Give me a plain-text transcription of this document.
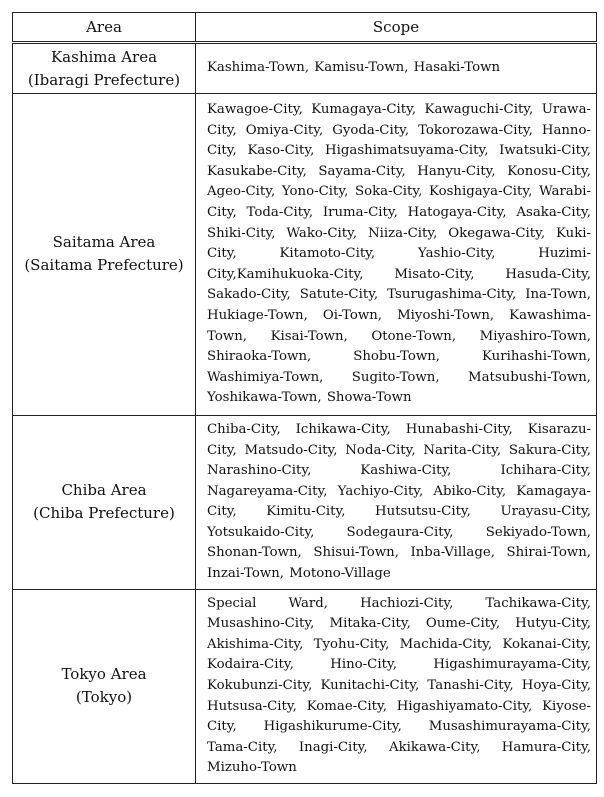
Area	Scope

Kashima Area
(Ibaragi Prefecture)	Kashima-Town, Kamisu-Town, Hasaki-Town

Saitama Area
(Saitama Prefecture)	Kawagoe-City, Kumagaya-City, Kawaguchi-City, Urawa-City, Omiya-City, Gyoda-City, Tokorozawa-City, Hanno-City, Kaso-City, Higashimatsuyama-City, Iwatsuki-City, Kasukabe-City, Sayama-City, Hanyu-City, Konosu-City, Ageo-City, Yono-City, Soka-City, Koshigaya-City, Warabi-City, Toda-City, Iruma-City, Hatogaya-City, Asaka-City, Shiki-City, Wako-City, Niiza-City, Okegawa-City, Kuki-City, Kitamoto-City, Yashio-City, Huzimi-City,Kamihukuoka-City, Misato-City, Hasuda-City, Sakado-City, Satute-City, Tsurugashima-City, Ina-Town, Hukiage-Town, Oi-Town, Miyoshi-Town, Kawashima-Town, Kisai-Town, Otone-Town, Miyashiro-Town, Shiraoka-Town, Shobu-Town, Kurihashi-Town, Washimiya-Town, Sugito-Town, Matsubushi-Town, Yoshikawa-Town, Showa-Town

Chiba Area
(Chiba Prefecture)	Chiba-City, Ichikawa-City, Hunabashi-City, Kisarazu-City, Matsudo-City, Noda-City, Narita-City, Sakura-City, Narashino-City, Kashiwa-City, Ichihara-City, Nagareyama-City, Yachiyo-City, Abiko-City, Kamagaya-City, Kimitu-City, Hutsutsu-City, Urayasu-City, Yotsukaido-City, Sodegaura-City, Sekiyado-Town, Shonan-Town, Shisui-Town, Inba-Village, Shirai-Town, Inzai-Town, Motono-Village

Tokyo Area
(Tokyo)	Special Ward, Hachiozi-City, Tachikawa-City, Musashino-City, Mitaka-City, Oume-City, Hutyu-City, Akishima-City, Tyohu-City, Machida-City, Kokanai-City, Kodaira-City, Hino-City, Higashimurayama-City, Kokubunzi-City, Kunitachi-City, Tanashi-City, Hoya-City, Hutsusa-City, Komae-City, Higashiyamato-City, Kiyose-City, Higashikurume-City, Musashimurayama-City, Tama-City, Inagi-City, Akikawa-City, Hamura-City, Mizuho-Town
